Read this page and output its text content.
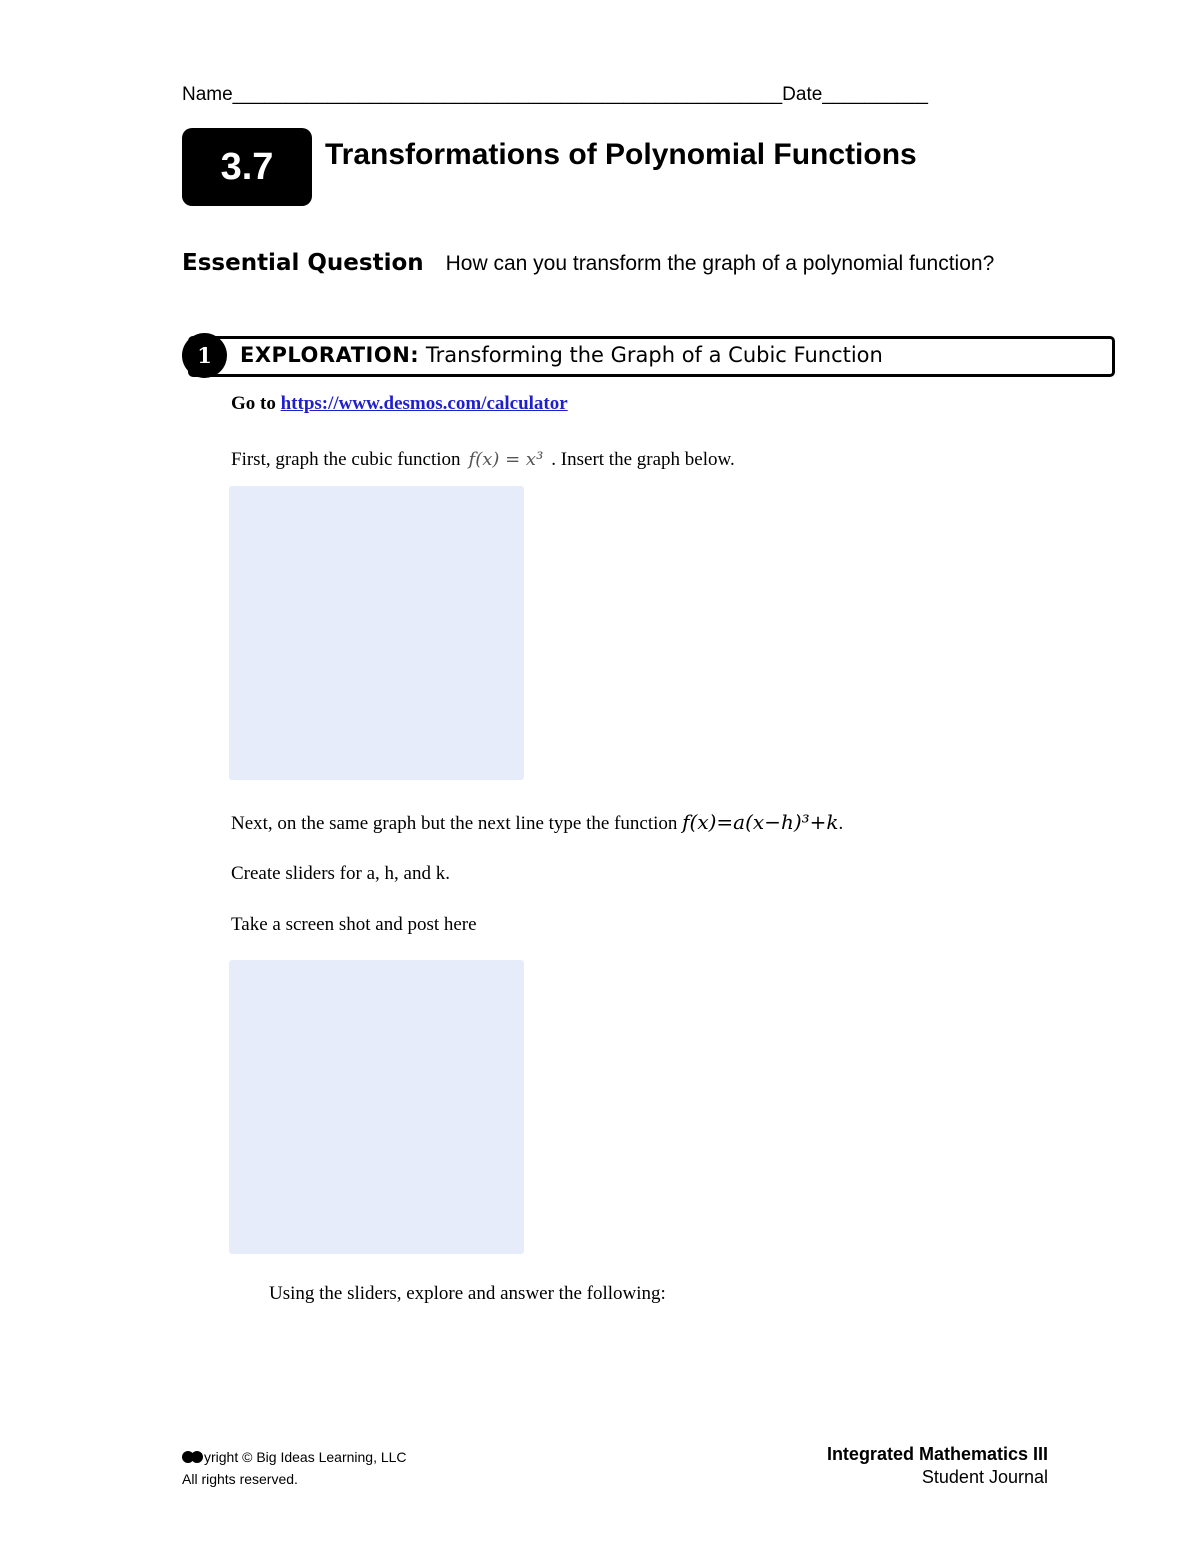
Name____________________________________________________Date__________
3.7	Transformations of Polynomial Functions
Essential Question How can you transform the graph of a polynomial function?
1	EXPLORATION: Transforming the Graph of a Cubic Function
Go to https://www.desmos.com/calculator
First, graph the cubic function f(x) = x³ . Insert the graph below.
Next, on the same graph but the next line type the function f(x)=a(x−h)³+k.
Create sliders for a, h, and k.
Take a screen shot and post here
Using the sliders, explore and answer the following:
yright © Big Ideas Learning, LLC
All rights reserved.
Integrated Mathematics III
Student Journal
